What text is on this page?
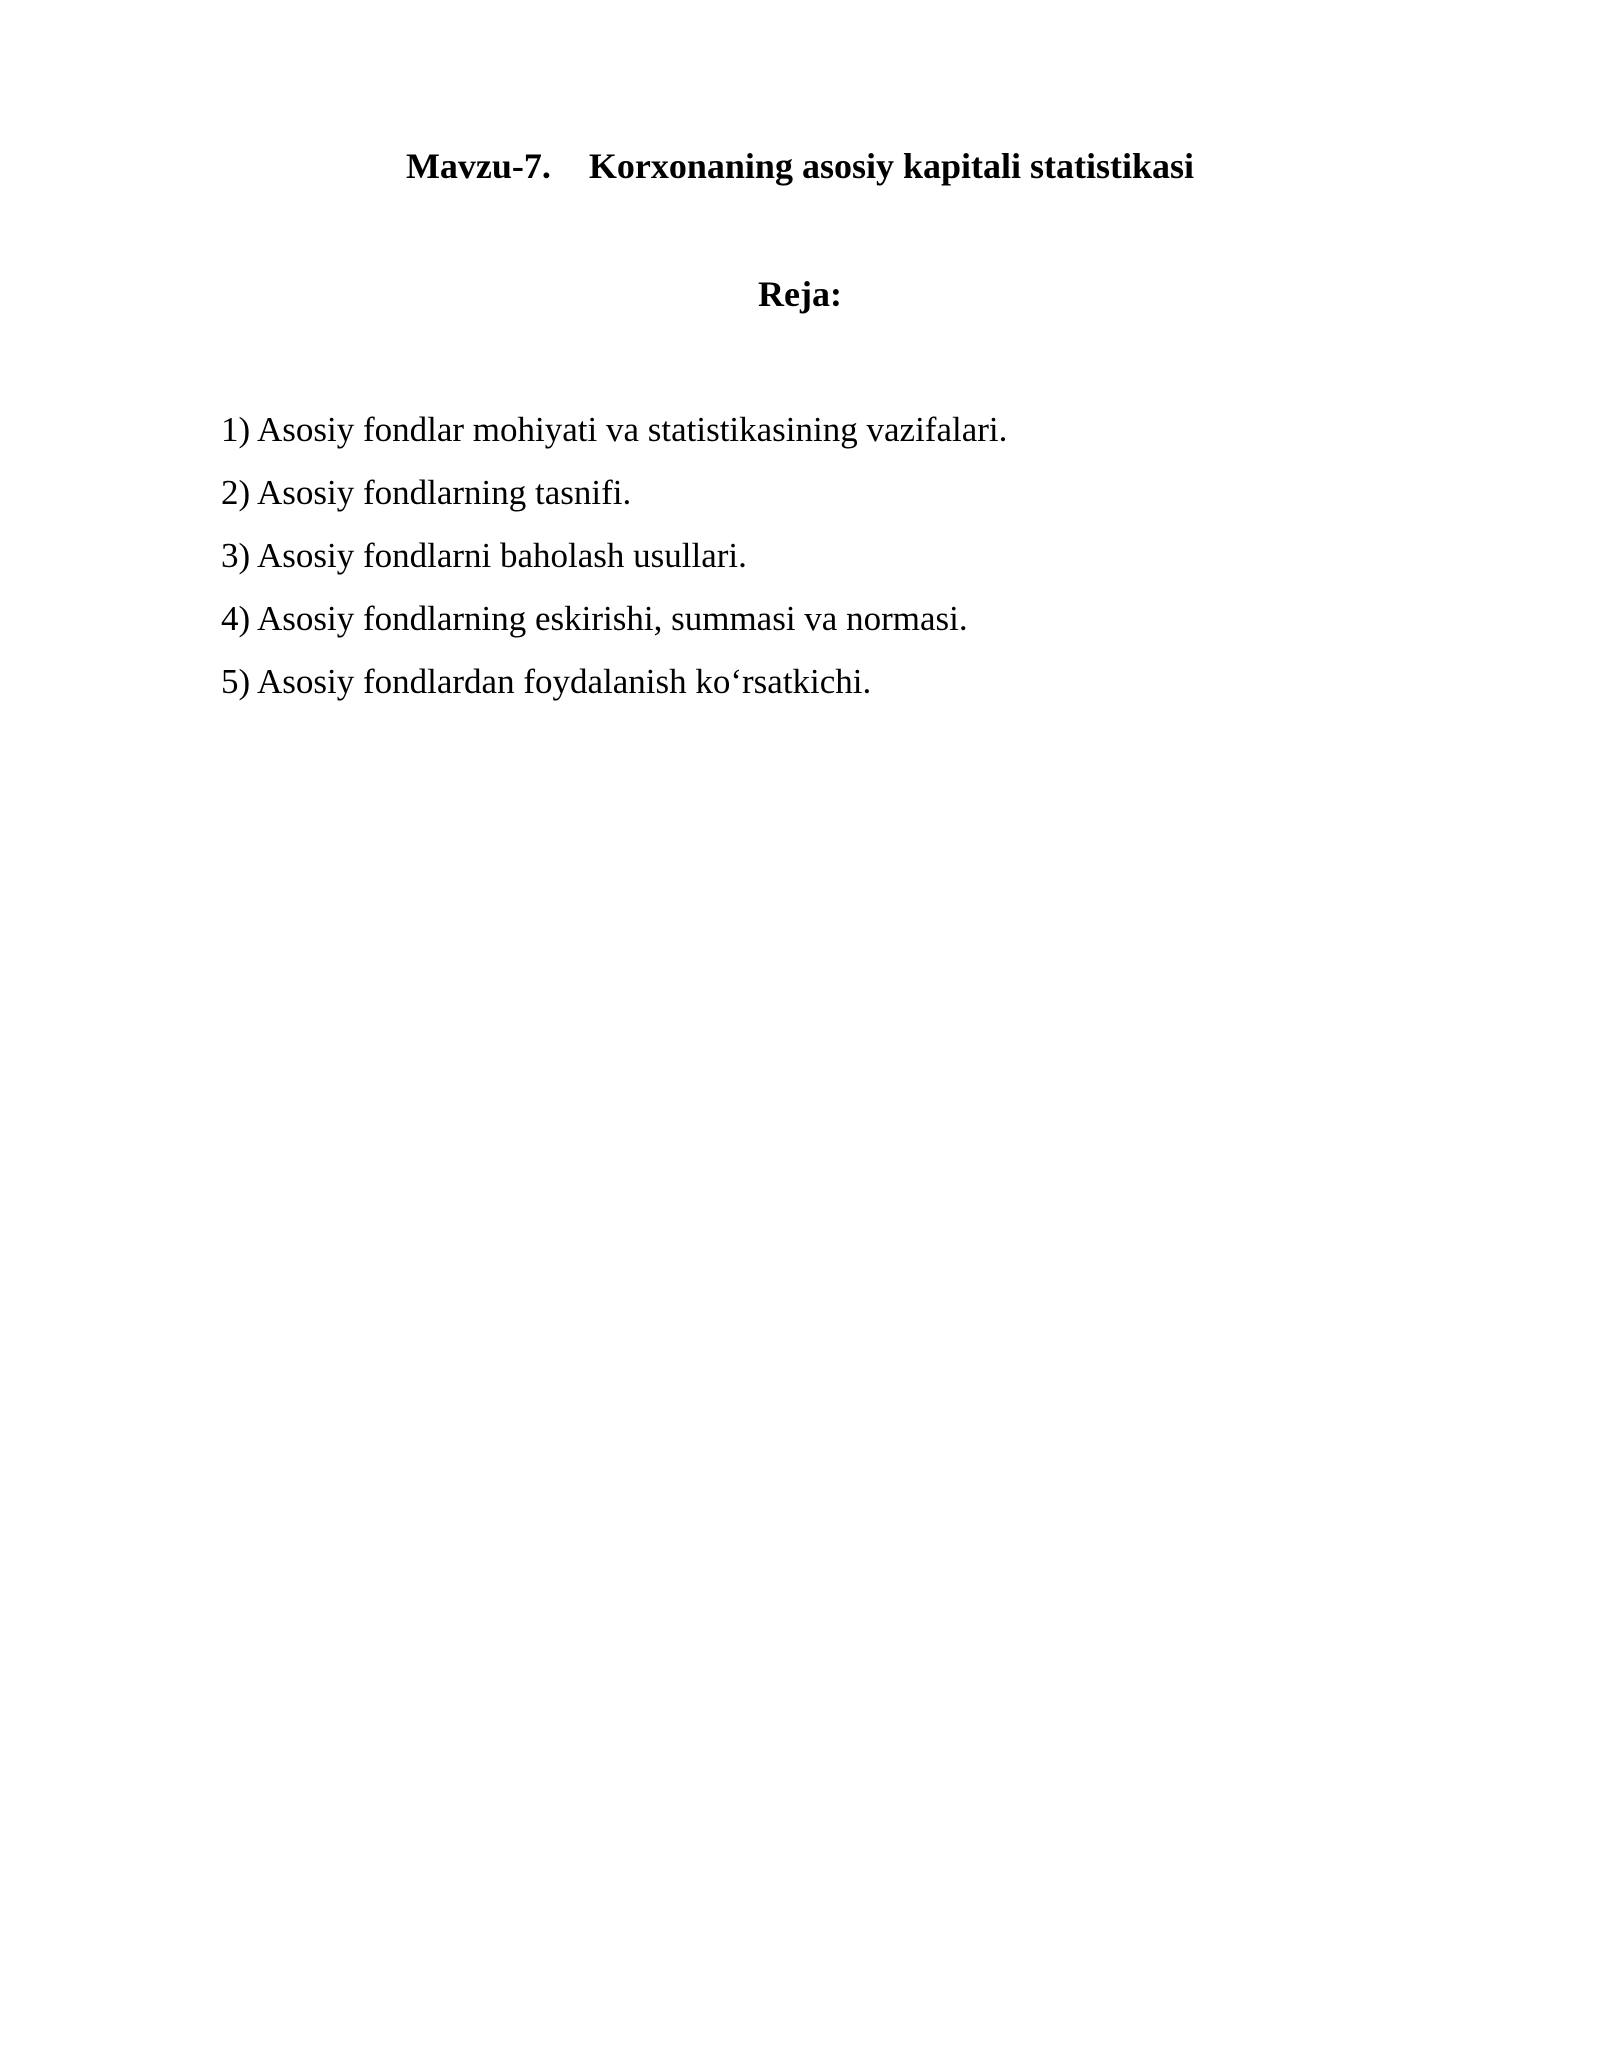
Mavzu-7. Korxonaning asosiy kapitali statistikasi
Reja:
1) Asosiy fondlar mohiyati va statistikasining vazifalari.
2) Asosiy fondlarning tasnifi.
3) Asosiy fondlarni baholash usullari.
4) Asosiy fondlarning eskirishi, summasi va normasi.
5) Asosiy fondlardan foydalanish ko‘rsatkichi.
